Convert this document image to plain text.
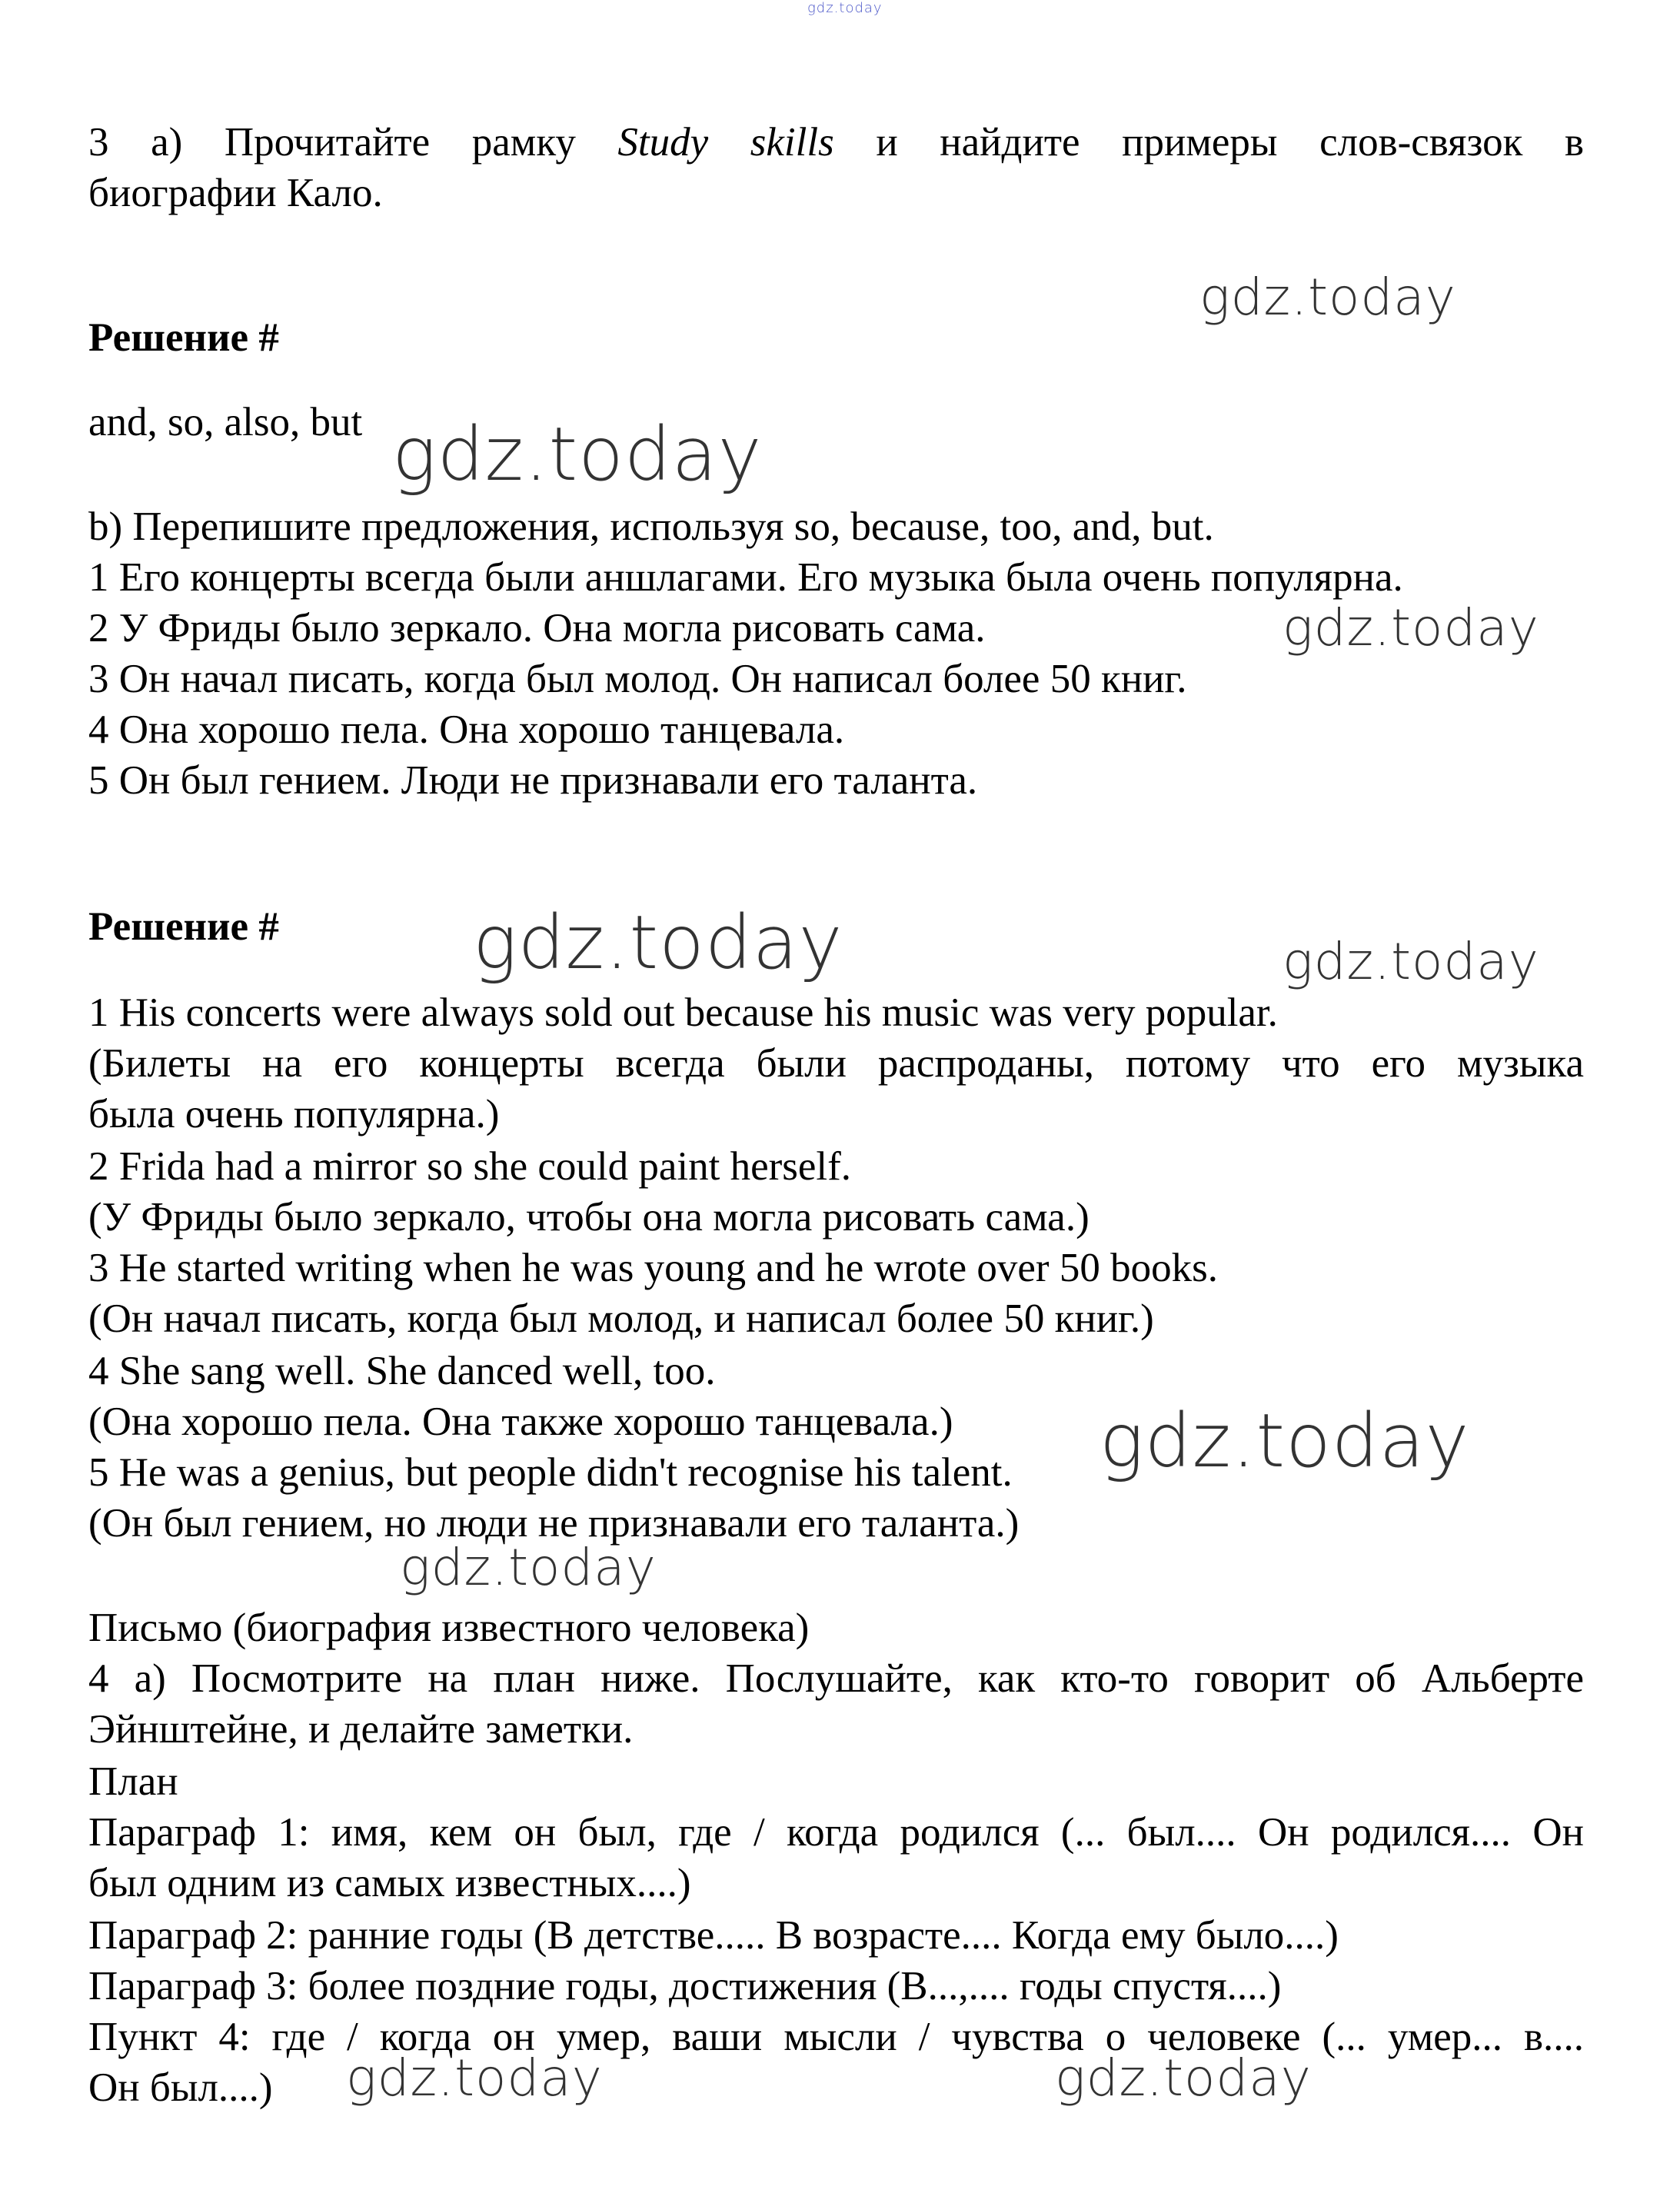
gdz.today
3 а) Прочитайте рамку Study skills и найдите примеры слов-связок в
биографии Кало.
gdz.today
Решение #
and, so, also, but gdz.today
b) Перепишите предложения, используя so, because, too, and, but.
1 Его концерты всегда были аншлагами. Его музыка была очень популярна.
2 У Фриды было зеркало. Она могла рисовать сама.	gdz.today
3 Он начал писать, когда был молод. Он написал более 50 книг.
4 Она хорошо пела. Она хорошо танцевала.
5 Он был гением. Люди не признавали его таланта.
Решение #	gdz.today	gdz.today
1 His concerts were always sold out because his music was very popular.
(Билеты на его концерты всегда были распроданы, потому что его музыка
была очень популярна.)
2 Frida had a mirror so she could paint herself.
(У Фриды было зеркало, чтобы она могла рисовать сама.)
3 He started writing when he was young and he wrote over 50 books.
(Он начал писать, когда был молод, и написал более 50 книг.)
4 She sang well. She danced well, too.
(Она хорошо пела. Она также хорошо танцевала.)	gdz.today
5 He was a genius, but people didn't recognise his talent.
(Он был гением, но люди не признавали его таланта.)
gdz.today
Письмо (биография известного человека)
4 а) Посмотрите на план ниже. Послушайте, как кто-то говорит об Альберте
Эйнштейне, и делайте заметки.
План
Параграф 1: имя, кем он был, где / когда родился (... был.... Он родился.... Он
был одним из самых известных....)
Параграф 2: ранние годы (В детстве..... В возрасте.... Когда ему было....)
Параграф 3: более поздние годы, достижения (В...,.... годы спустя....)
Пункт 4: где / когда он умер, ваши мысли / чувства о человеке (... умер... в....
Он был....)	gdz.today	gdz.today
